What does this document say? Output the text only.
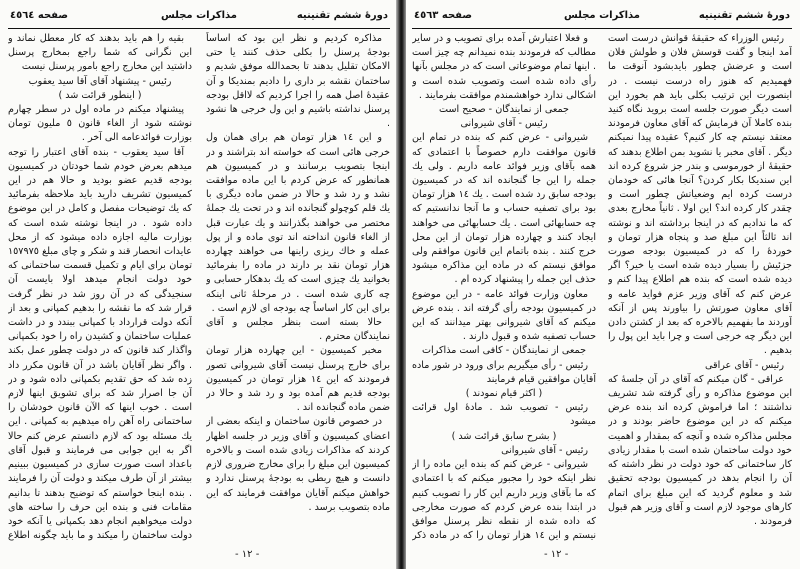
دورهٔ ششم تقنینیه
مذاکرات مجلس
صفحه ٤٥٦٤

مذاکره کردیم و نظر این بود که اساساً بودجهٔ پرسنل را بکلی حذف کنند یا حتی الامکان تقلیل بدهند تا بحمدالله موفق شدیم و ساختمان نقشه بر داری را دادیم بمنديكا و آن عقيدهٔ اصل همه را اجرا كرديم كه لااقل بودجه پرسنل نداشته باشیم و این ول خرجی ها نشود .

و این ١٤ هزار تومان هم برای همان ول خرجی هائی است که خواسته اند بتراشند و در اینجا بتصویب برسانند و در کمیسیون هم همانطور که عرض کردم با این ماده موافقت نشد و رد شد و حالا در ضمن ماده دیگری با یك قلم کوچولو گنجانده اند و در تحت یك جملهٔ مختصر می خواهند بگذرانند و یك عبارت قبل از الغاء قانون انداخته اند توی ماده و از پول عمله و خاك ریزی راینها می خواهند چهارده هزار تومان نقد بر دارند در ماده را بفرمائید بخوانید یك چیزی است که یك بدهکار حسابی و چه کاری شده است . در مرحلهٔ ثانی اینکه برای این کار اساساً چه بودجه ای لازم است .

حالا بسته است بنظر مجلس و آقای نمایندگان محترم .

مخبر کمیسیون - این چهارده هزار تومان برای خارج پرسنل نیست آقای شیروانی تصور فرمودند که این ١٤ هزار تومان در کمیسیون بودجه قدیم هم آمده بود و رد شد و حالا در ضمن ماده گنجانده اند .

در خصوص قانون ساختمان و اینکه بعضی از اعضای کمیسیون و آقای وزیر در جلسه اظهار کردند که مذاکرات زیادی شده است و بالاخره کمیسیون این مبلغ را برای مخارج ضروری لازم دانست و هیچ ربطی به بودجهٔ پرسنل ندارد و خواهش میکنم آقایان موافقت فرمایند که این ماده بتصویب برسد .

بقیه را هم باید بدهند که کار معطل نماند و این نگرانی که شما راجع بمخارج پرسنل داشتید این مخارج راجع بامور پرسنل نیست

رئیس - پیشنهاد آقای آقا سید یعقوب

( اینطور قرائت شد )

پیشنهاد میکنم در ماده اول در سطر چهارم نوشته شود از الغاء قانون ٥ ملیون تومان بوزارت فوائدعامه الی آخر .

آقا سید یعقوب - بنده آقای اعتبار را توجه میدهم بعرض خودم شما خودتان در کمیسیون بودجه قدیم عضو بودید و حالا هم در این کمیسیون تشریف دارید باید ملاحظه بفرمائید که یك توضیحات مفصل و کامل در این موضوع داده شود . در اینجا نوشته شده است که بوزارت مالیه اجازه داده میشود که از محل عایدات انحصار قند و شکر و چای مبلغ ١٥٧٩٧٥ تومان برای ایام و تکمیل قسمت ساختمانی که خود دولت انجام میدهد اولا بایست آن سنجیدگی که در آن روز شد در نظر گرفت قرار شد که ما نقشه را بدهیم کمپانی و بعد از آنکه دولت قرارداد با کمپانی ببندد و در داشت عملیات ساختمان و کشیدن راه را خود بکمپانی واگذار کند قانون که در دولت چطور عمل بکند . واگر نظر آقایان باشد در آن قانون مکرر داد زده شد که حق تقدیم بکمپانی داده شود و در آن جا اصرار شد که برای تشویق اینها لازم است . خوب اینها که الآن قانون خودشان را ساختمانی راه آهن راه میدهیم به کمپانی . این یك مسئله بود که لازم دانستم عرض کنم حالا اگر به این جوابی می فرمایند و قبول آقای باعداد است صورت سازی در کمیسیون ببینیم بیشتر از آن طرف میکند و دولت آن را فرمایند . بنده اینجا خواستم که توضیح بدهند تا بدانیم مقامات فنی و بنده این حرف را ساخته های دولت میخواهیم انجام دهد بکمپانی یا آنکه خود دولت ساختمان را میکند و ما باید چگونه اطلاع

- ١٢ -
دورهٔ ششم تقنینیه
مذاکرات مجلس
صفحه ٤٥٦٣

رئیس الوزراء که حقیقهٔ قوانش درست است آمد اینجا و گفت قوسش فلان و طولش فلان است و عرضش چطور بایدبشود آنوقت ما فهمیدیم که هنوز راه درست نیست . در اینصورت این ترتیب بکلی باید هم بخورد این است دیگر صورت جلسه است بروید نگاه کنید بنده کاملا آن فرمایش که آقای معاون فرمودند معتقد نیستم چه کار کنیم؟ عقیده پیدا نمیکنم دیگر . آقای مخبر یا نشوید بمن اطلاع بدهند که حقیقهٔ از خورموسی و بندر جز شروع کرده اند این سندیکا بکار کردن؟ آنجا هائی که خودمان درست کرده ایم وضعیاتش چطور است و چقدر کار کرده اند؟ این اولا . ثانیاً مخارج بعدی که ما ندادیم که در اینجا برداشته اند و نوشته اند ثالثاً این مبلغ صد و پنجاه هزار تومان و خوردهٔ را که در کمیسیون بودجه صورت جزئیش را بسیار دیده شده است یا خیر؟ اگر دیده شده است که بنده هم اطلاع پیدا کنم و عرض کنم که آقای وزیر عزم فواید عامه و آقای معاون صورتش را بیاورند پس از آنکه آوردند ما بفهمیم بالاخره که بعد از کشتن دادن این دیگر چه خرجی است و چرا باید این پول را بدهیم .

رئیس - آقای عراقی

عراقی - گان میکنم که آقای در آن جلسهٔ که این موضوع مذاکره و رأی گرفته شد تشریف نداشتند ؛ اما فراموش کرده اند بنده عرض میکنم که در این موضوع حاضر بودند و در مجلس مذاکره شده و آنچه که بمقدار و اهمیت خود دولت ساختمان شده است با مقدار زیادی کار ساختمانی که خود دولت در نظر داشته که آن را انجام بدهد در کمیسیون بودجه تحقیق شد و معلوم گردید که این مبلغ برای اتمام کارهای موجود لازم است و آقای وزیر هم قبول فرمودند .

و فعلا اعتبارش آمده برای تصویب و در سایر مطالب که فرمودند بنده نمیدانم چه چیز است . اینها تمام موضوعاتی است که در مجلس بآنها رأی داده شده است وتصویب شده است و اشکالی ندارد خواهشمندم موافقت بفرمایند .

جمعی از نمایندگان - صحیح است

رئیس - آقای شیروانی

شیروانی - عرض کنم که بنده در تمام این قانون موافقت دارم خصوصاً با اعتمادی که همه بآقای وزیر فوائد عامه داریم . ولی یك جمله را این جا گنجانده اند که در کمیسیون بودجه سابق رد شده است . یك ١٤ هزار تومان بود برای تصفیه حساب و ما آنجا ندانستیم که چه حسابهائی است . یك حسابهائی می خواهند ایجاد کنند و چهارده هزار تومان از این محل خرج کنند . بنده باتمام این قانون موافقم ولی موافق نیستم که در ماده این مذاکره میشود حذف این جمله را پیشنهاد کرده ام .

معاون وزارت فوائد عامه - در این موضوع در کمیسیون بودجه رأی گرفته اند . بنده عرض میکنم که آقای شیروانی بهتر میدانند که این حساب تصفیه شده و قبول دارند .

جمعی از نمایندگان - کافی است مذاکرات

رئیس - رأی میگیریم برای ورود در شور ماده آقایان موافقین قیام فرمایند

( اکثر قیام نمودند )

رئیس - تصویب شد . مادهٔ اول قرائت میشود

( بشرح سابق قرائت شد )

رئیس - آقای شیروانی

شیروانی - عرض کنم که بنده این ماده را از نظر اینکه خود را مجبور میکنم که با اعتمادی که ما بآقای وزیر داریم این کار را تصویب کنیم در ابتدا بنده عرض کردم که صورت مخارجی که داده شده از نقطه نظر پرسنل موافق نیستم و این ١٤ هزار تومان را که در ماده ذکر

- ١٢ -
